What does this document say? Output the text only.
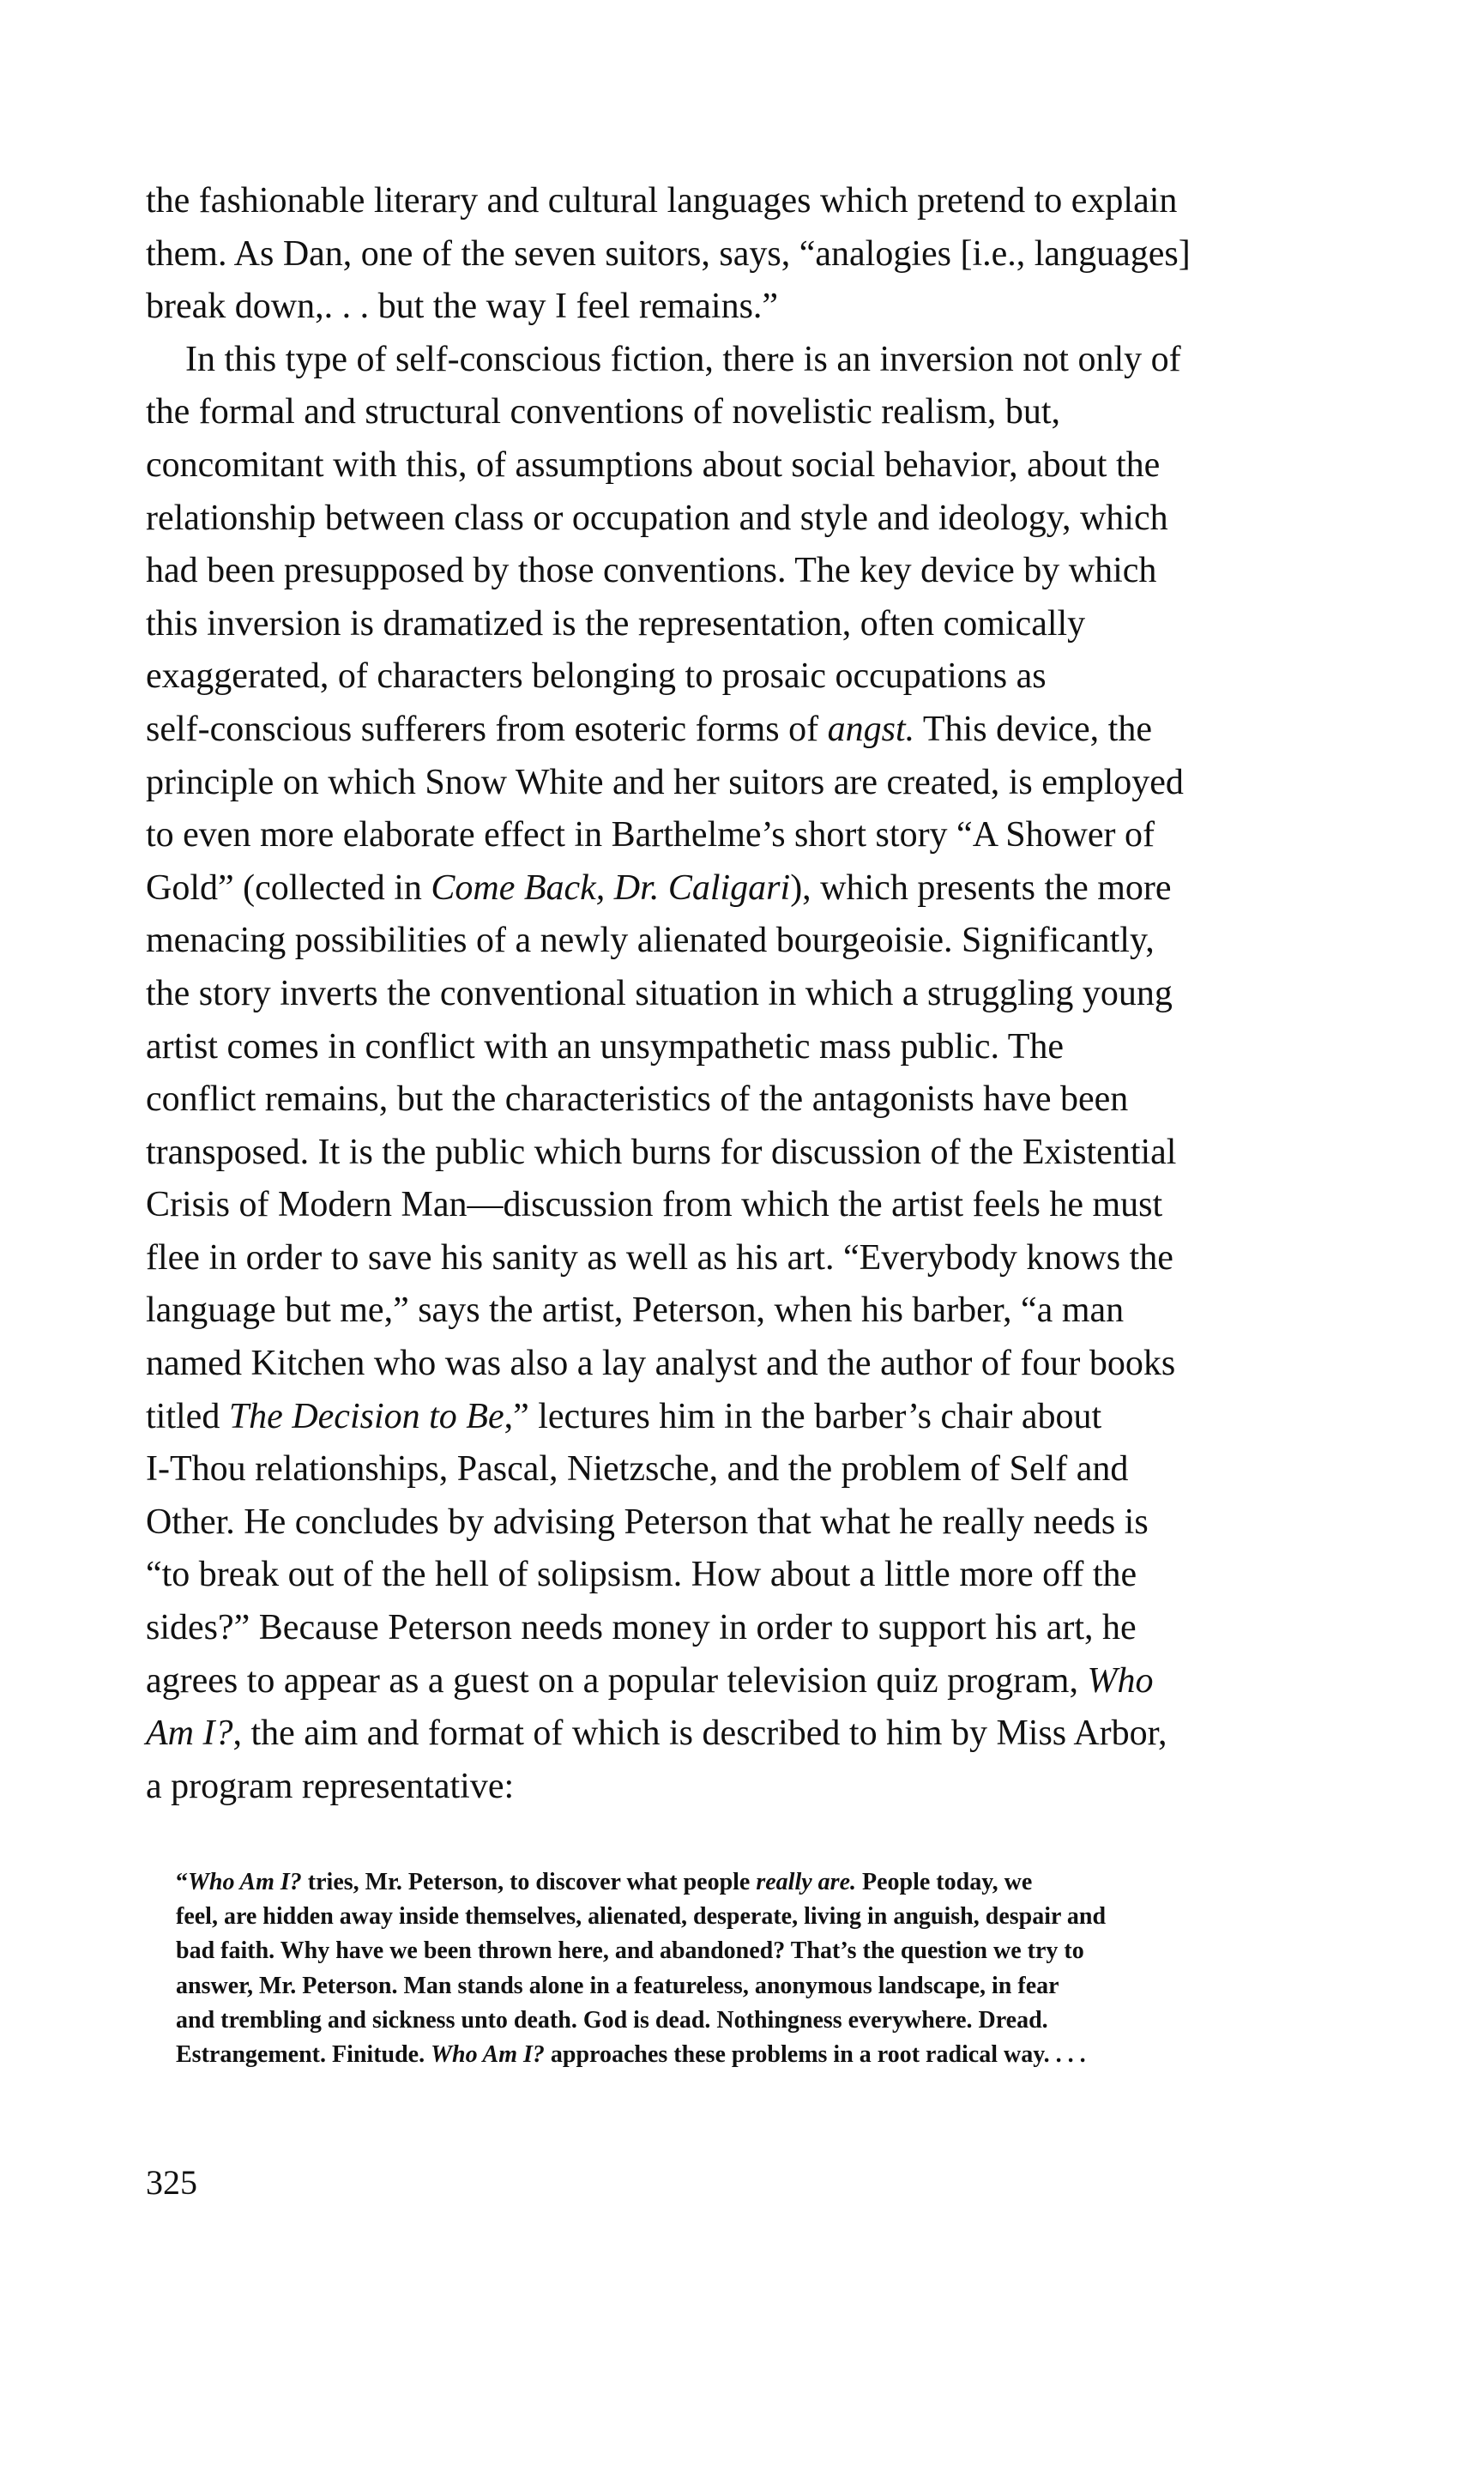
the fashionable literary and cultural languages which pretend to explain
them. As Dan, one of the seven suitors, says, “analogies [i.e., languages]
break down,. . . but the way I feel remains.”
In this type of self-conscious fiction, there is an inversion not only of
the formal and structural conventions of novelistic realism, but,
concomitant with this, of assumptions about social behavior, about the
relationship between class or occupation and style and ideology, which
had been presupposed by those conventions. The key device by which
this inversion is dramatized is the representation, often comically
exaggerated, of characters belonging to prosaic occupations as
self-conscious sufferers from esoteric forms of angst. This device, the
principle on which Snow White and her suitors are created, is employed
to even more elaborate effect in Barthelme’s short story “A Shower of
Gold” (collected in Come Back, Dr. Caligari), which presents the more
menacing possibilities of a newly alienated bourgeoisie. Significantly,
the story inverts the conventional situation in which a struggling young
artist comes in conflict with an unsympathetic mass public. The
conflict remains, but the characteristics of the antagonists have been
transposed. It is the public which burns for discussion of the Existential
Crisis of Modern Man—discussion from which the artist feels he must
flee in order to save his sanity as well as his art. “Everybody knows the
language but me,” says the artist, Peterson, when his barber, “a man
named Kitchen who was also a lay analyst and the author of four books
titled The Decision to Be,” lectures him in the barber’s chair about
I-Thou relationships, Pascal, Nietzsche, and the problem of Self and
Other. He concludes by advising Peterson that what he really needs is
“to break out of the hell of solipsism. How about a little more off the
sides?” Because Peterson needs money in order to support his art, he
agrees to appear as a guest on a popular television quiz program, Who
Am I?, the aim and format of which is described to him by Miss Arbor,
a program representative:
“Who Am I? tries, Mr. Peterson, to discover what people really are. People today, we
feel, are hidden away inside themselves, alienated, desperate, living in anguish, despair and
bad faith. Why have we been thrown here, and abandoned? That’s the question we try to
answer, Mr. Peterson. Man stands alone in a featureless, anonymous landscape, in fear
and trembling and sickness unto death. God is dead. Nothingness everywhere. Dread.
Estrangement. Finitude. Who Am I? approaches these problems in a root radical way. . . .
325
